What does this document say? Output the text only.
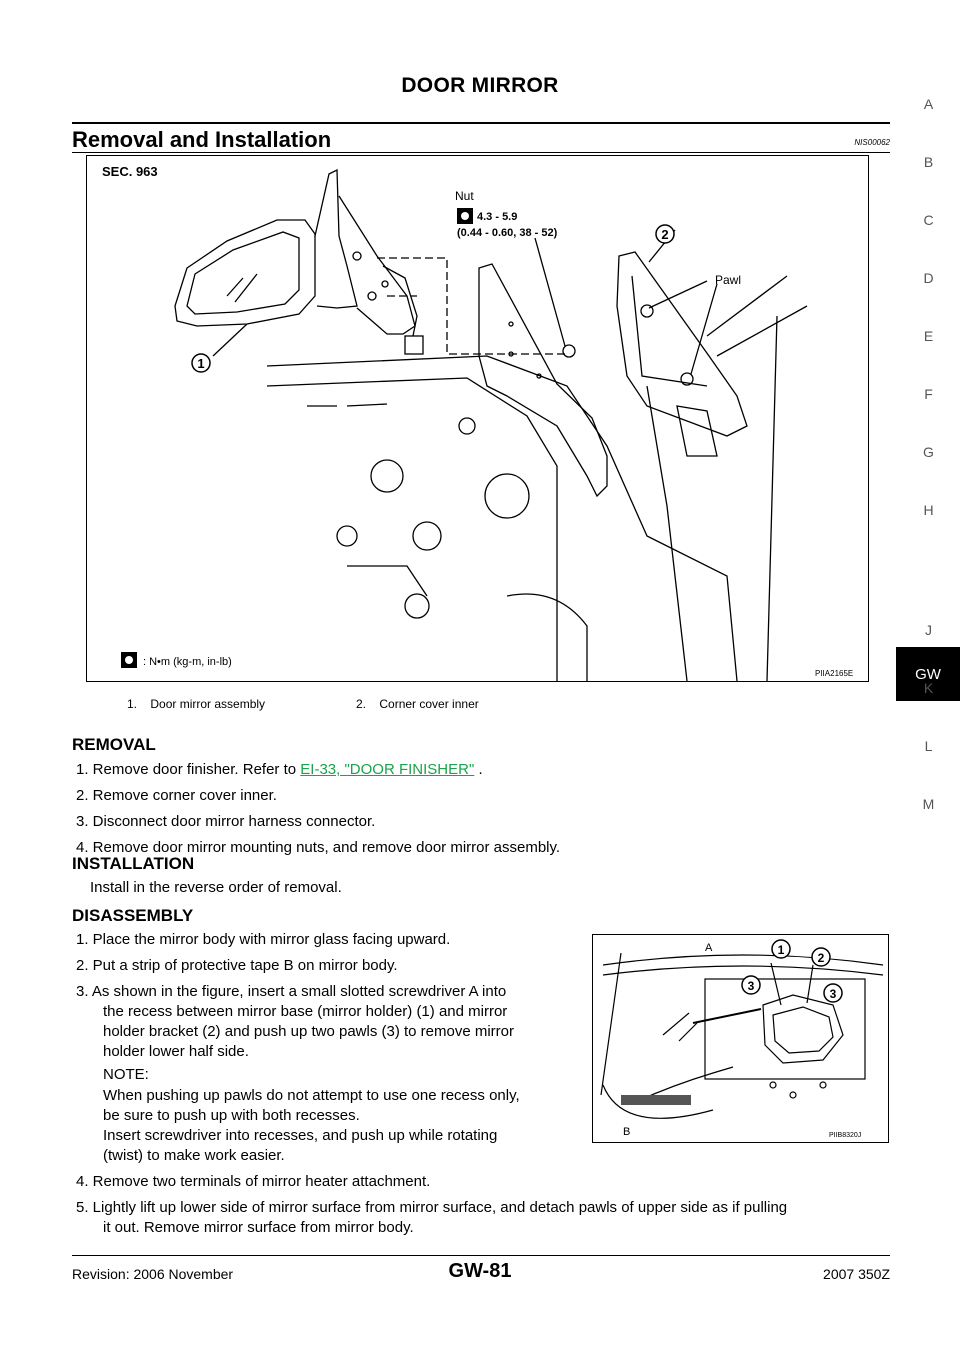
DOOR MIRROR
Removal and Installation	NIS00062
A
B
C
D
E
F
G
H
GW
J
K
L
M
1
2
SEC. 963
Nut
4.3 - 5.9
(0.44 - 0.60, 38 - 52)
Pawl
: N•m (kg-m, in-lb)
PIIA2165E
1. Door mirror assembly	2. Corner cover inner
REMOVAL
1. Remove door finisher. Refer to EI-33, "DOOR FINISHER" .
2. Remove corner cover inner.
3. Disconnect door mirror harness connector.
4. Remove door mirror mounting nuts, and remove door mirror assembly.
INSTALLATION
Install in the reverse order of removal.
DISASSEMBLY
1. Place the mirror body with mirror glass facing upward.
2. Put a strip of protective tape B on mirror body.
3. As shown in the figure, insert a small slotted screwdriver A into
the recess between mirror base (mirror holder) (1) and mirror
holder bracket (2) and push up two pawls (3) to remove mirror
holder lower half side.
NOTE:
When pushing up pawls do not attempt to use one recess only,
be sure to push up with both recesses.
Insert screwdriver into recesses, and push up while rotating
(twist) to make work easier.
4. Remove two terminals of mirror heater attachment.
5. Lightly lift up lower side of mirror surface from mirror surface, and detach pawls of upper side as if pulling
it out. Remove mirror surface from mirror body.
A
B
1
2
3
3
PIIB8320J
Revision: 2006 November	GW-81	2007 350Z
